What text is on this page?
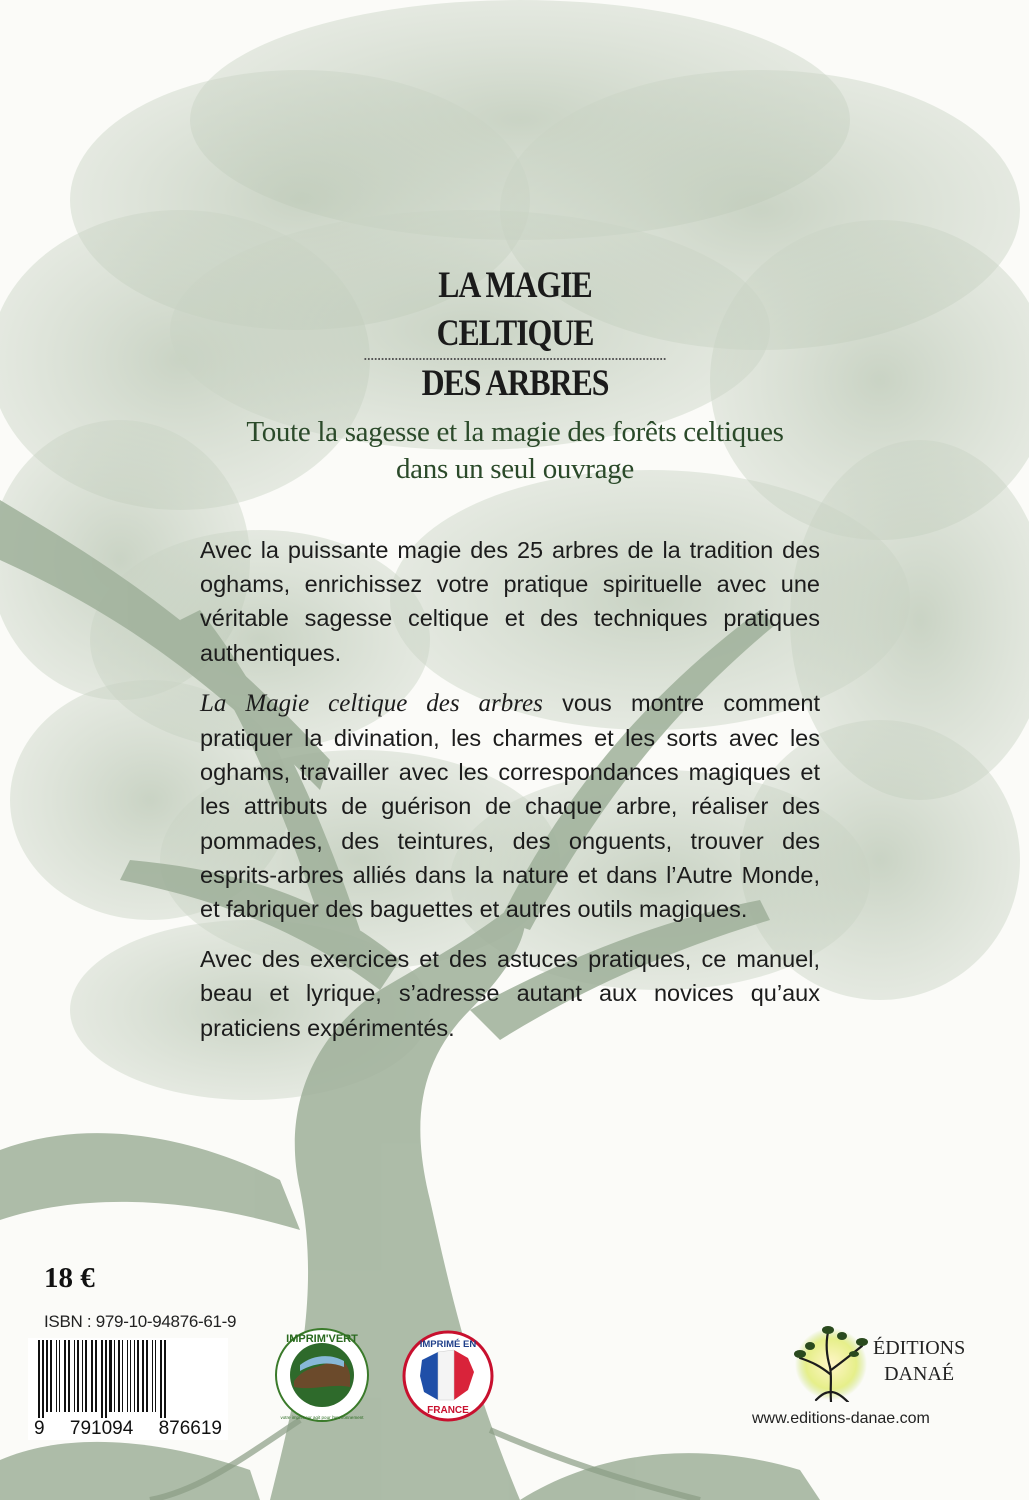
LA MAGIE CELTIQUE
DES ARBRES
Toute la sagesse et la magie des forêts celtiques
dans un seul ouvrage

Avec la puissante magie des 25 arbres de la tradition des oghams, enrichissez votre pratique spirituelle avec une véritable sagesse celtique et des techniques pratiques authentiques.

La Magie celtique des arbres vous montre comment pratiquer la divination, les charmes et les sorts avec les oghams, travailler avec les correspondances magiques et les attributs de guérison de chaque arbre, réaliser des pommades, des teintures, des onguents, trouver des esprits-arbres alliés dans la nature et dans l’Autre Monde, et fabriquer des baguettes et autres outils magiques.

Avec des exercices et des astuces pratiques, ce manuel, beau et lyrique, s’adresse autant aux novices qu’aux praticiens expérimentés.

18 €
ISBN : 979-10-94876-61-9
9 791094 876619
IMPRIM'VERT
votre imprimeur agit pour l'environnement
IMPRIMÉ EN
FRANCE
ÉDITIONS
DANAÉ
www.editions-danae.com
